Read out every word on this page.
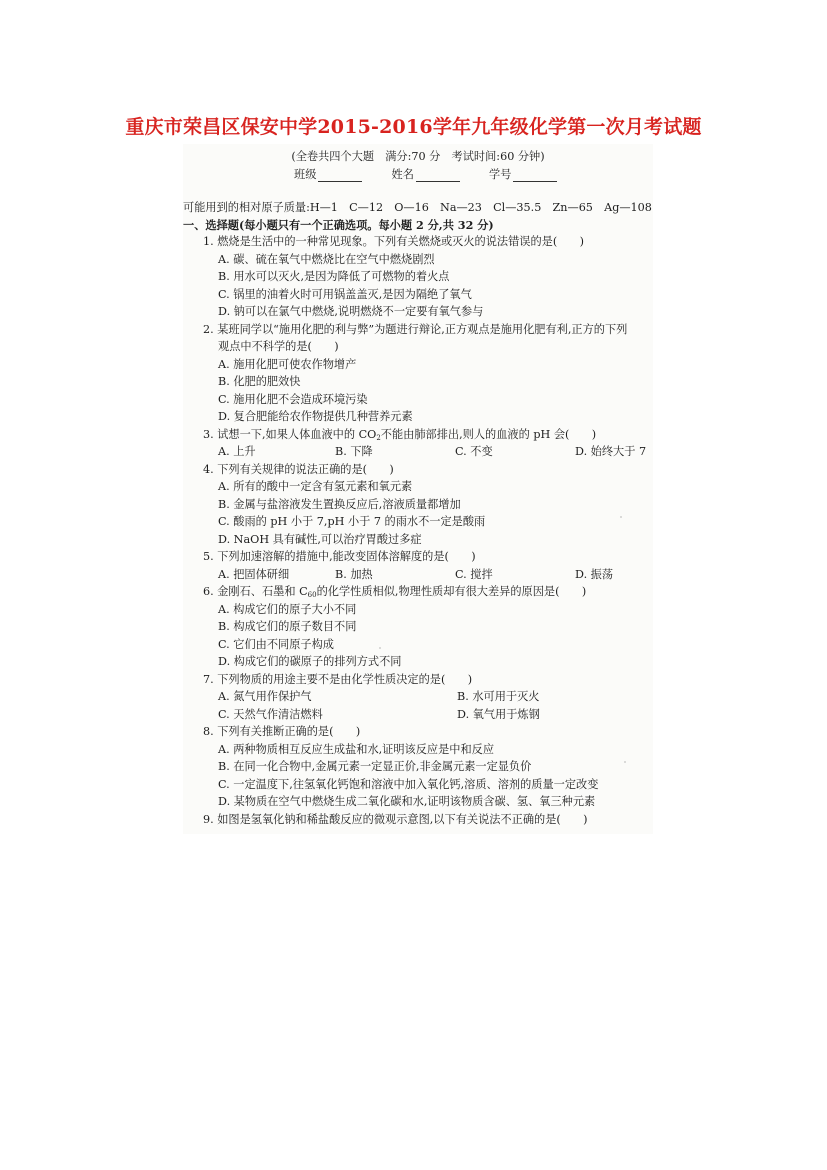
重庆市荣昌区保安中学2015-2016学年九年级化学第一次月考试题
(全卷共四个大题　满分:70 分　考试时间:60 分钟)
班级	姓名	学号
可能用到的相对原子质量:H—1　C—12　O—16　Na—23　Cl—35.5　Zn—65　Ag—108
一、选择题(每小题只有一个正确选项。每小题 2 分,共 32 分)
1. 燃烧是生活中的一种常见现象。下列有关燃烧或灭火的说法错误的是(　　)
A. 碳、硫在氧气中燃烧比在空气中燃烧剧烈
B. 用水可以灭火,是因为降低了可燃物的着火点
C. 锅里的油着火时可用锅盖盖灭,是因为隔绝了氧气
D. 钠可以在氯气中燃烧,说明燃烧不一定要有氧气参与
2. 某班同学以“施用化肥的利与弊”为题进行辩论,正方观点是施用化肥有利,正方的下列
观点中不科学的是(　　)
A. 施用化肥可使农作物增产
B. 化肥的肥效快
C. 施用化肥不会造成环境污染
D. 复合肥能给农作物提供几种营养元素
3. 试想一下,如果人体血液中的 $CO_2$不能由肺部排出,则人的血液的 pH 会(　　)
A. 上升	B. 下降	C. 不变	D. 始终大于 7
4. 下列有关规律的说法正确的是(　　)
A. 所有的酸中一定含有氢元素和氧元素
B. 金属与盐溶液发生置换反应后,溶液质量都增加
C. 酸雨的 pH 小于 7,pH 小于 7 的雨水不一定是酸雨
D. NaOH 具有碱性,可以治疗胃酸过多症
5. 下列加速溶解的措施中,能改变固体溶解度的是(　　)
A. 把固体研细	B. 加热	C. 搅拌	D. 振荡
6. 金刚石、石墨和 $C_{60}$的化学性质相似,物理性质却有很大差异的原因是(　　)
A. 构成它们的原子大小不同
B. 构成它们的原子数目不同
C. 它们由不同原子构成
D. 构成它们的碳原子的排列方式不同
7. 下列物质的用途主要不是由化学性质决定的是(　　)
A. 氮气用作保护气	B. 水可用于灭火
C. 天然气作清洁燃料	D. 氧气用于炼钢
8. 下列有关推断正确的是(　　)
A. 两种物质相互反应生成盐和水,证明该反应是中和反应
B. 在同一化合物中,金属元素一定显正价,非金属元素一定显负价
C. 一定温度下,往氢氧化钙饱和溶液中加入氧化钙,溶质、溶剂的质量一定改变
D. 某物质在空气中燃烧生成二氧化碳和水,证明该物质含碳、氢、氧三种元素
9. 如图是氢氧化钠和稀盐酸反应的微观示意图,以下有关说法不正确的是(　　)
